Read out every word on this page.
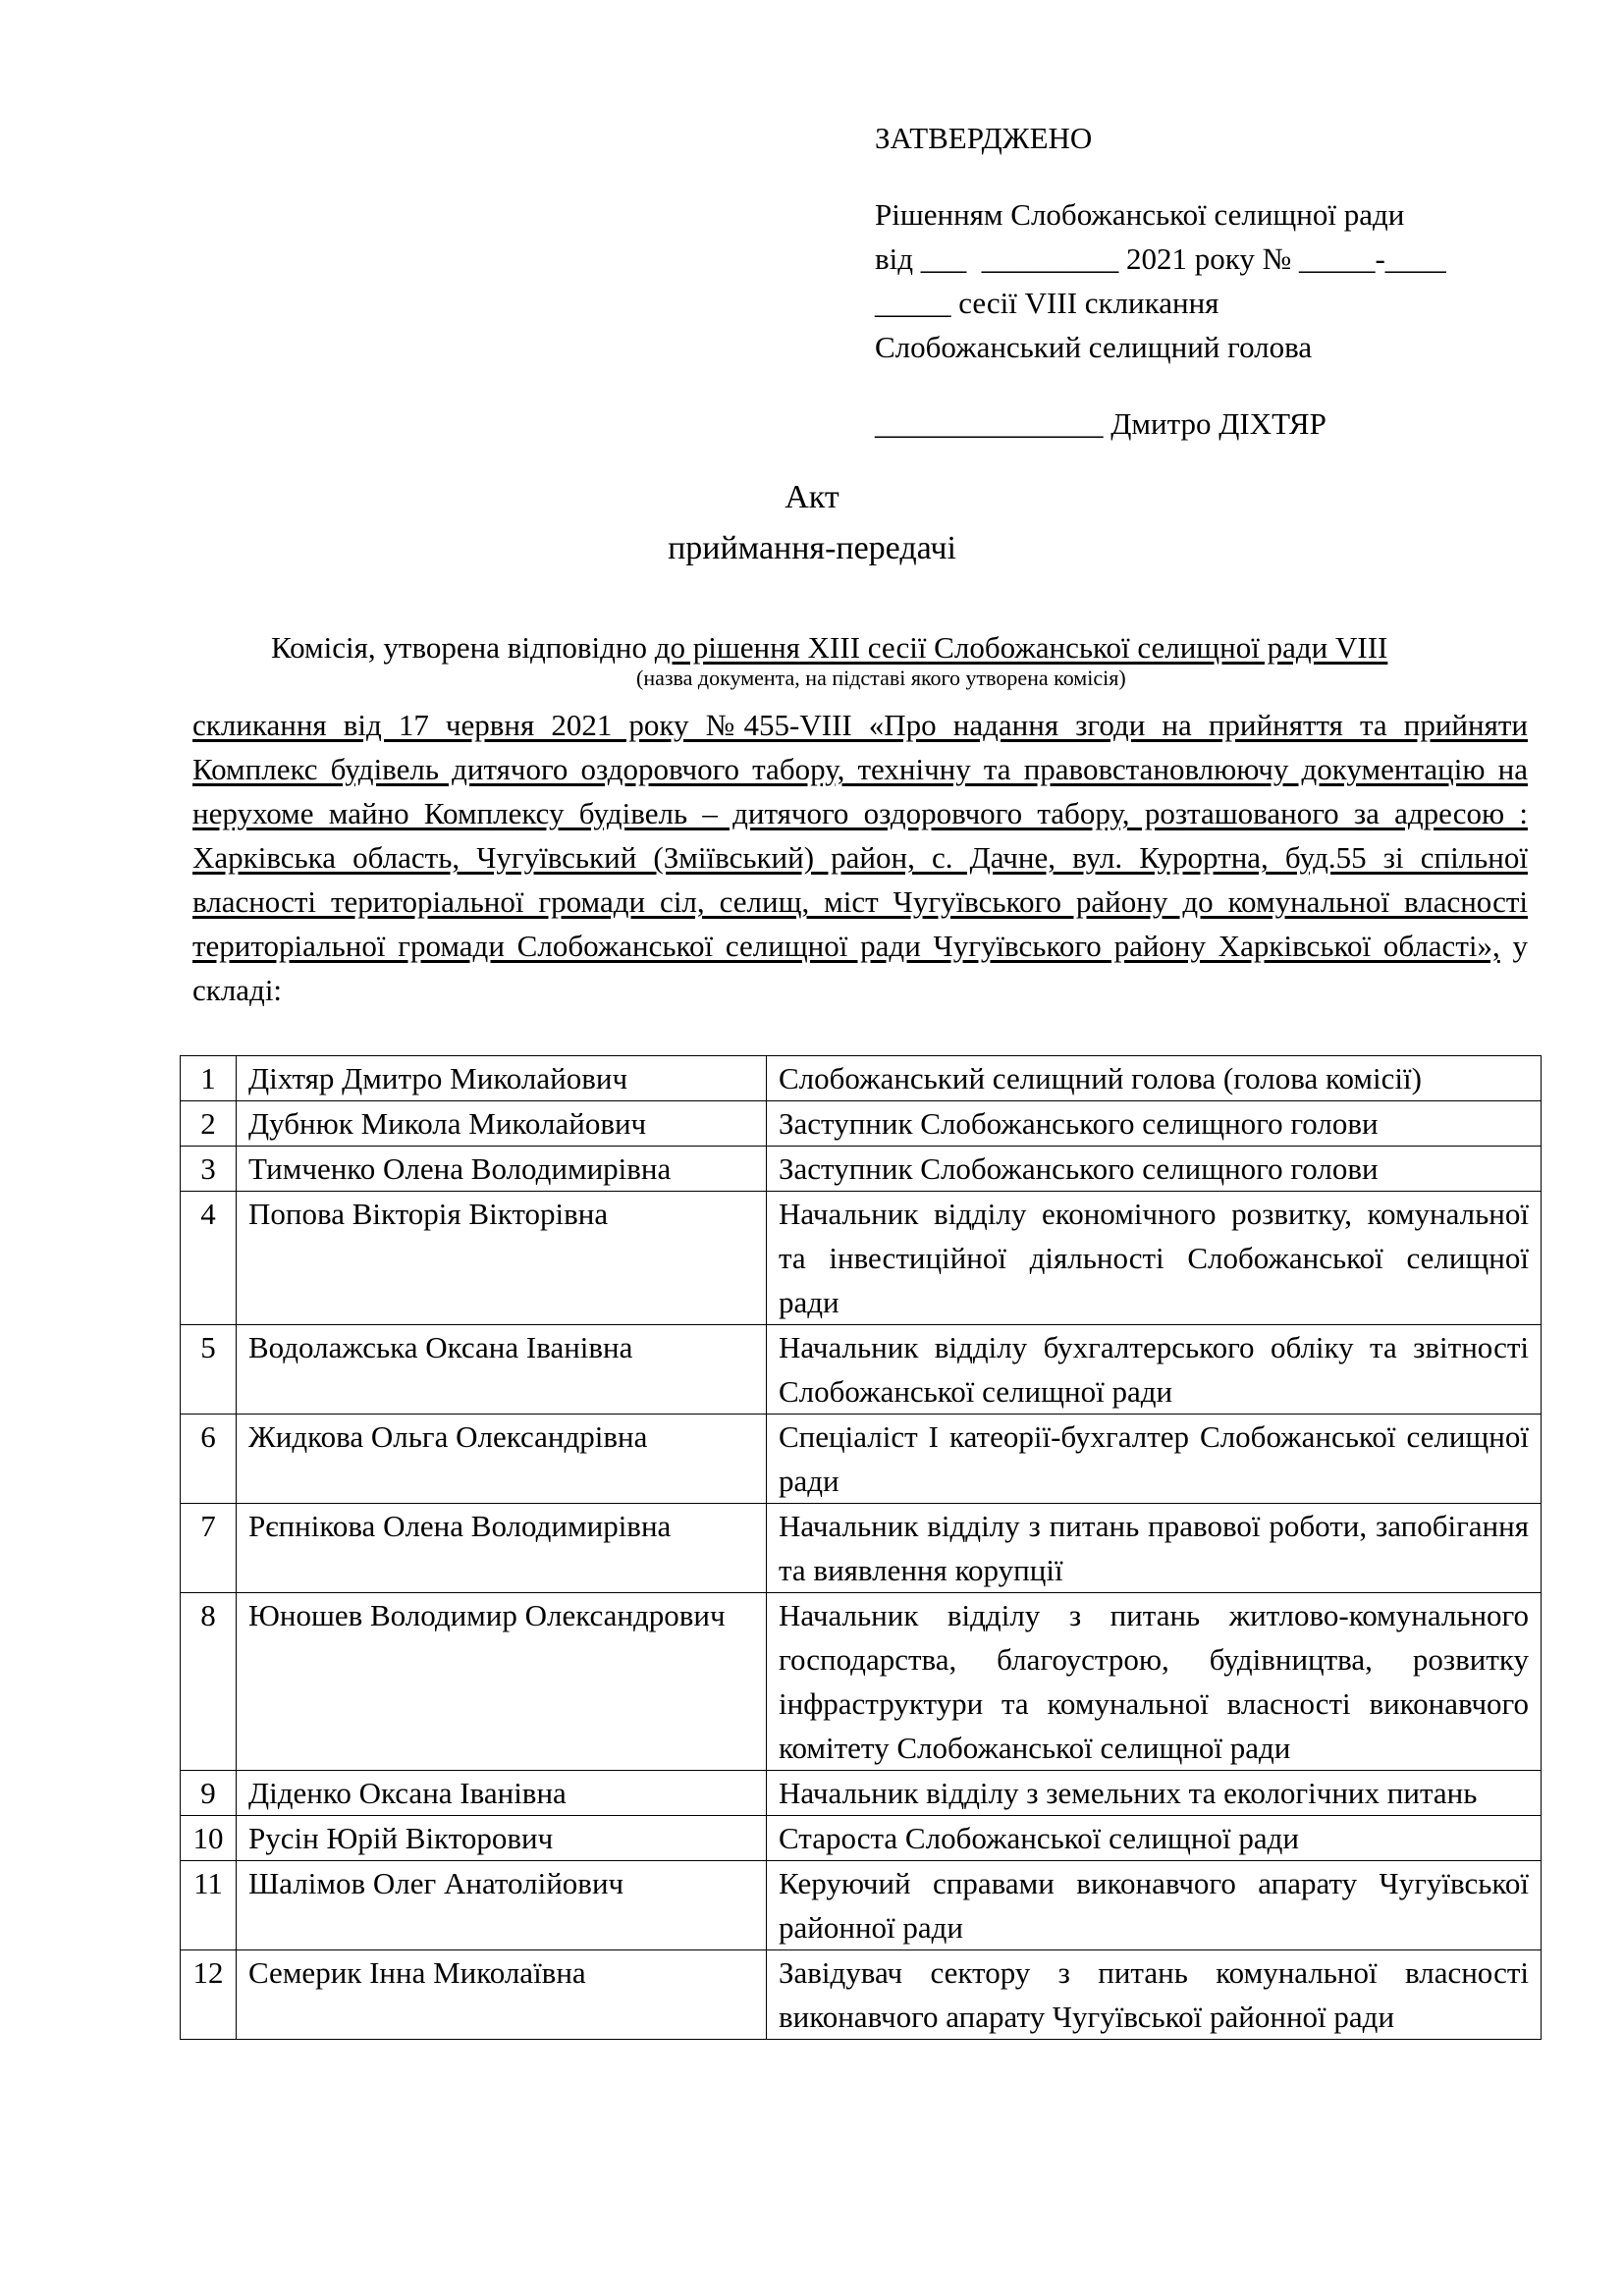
ЗАТВЕРДЖЕНО
Рішенням Слобожанської селищної ради
від ___  _________ 2021 року № _____-____
_____ сесії VIII скликання
Слобожанський селищний голова
_______________ Дмитро ДІХТЯР
Акт
приймання-передачі
Комісія, утворена відповідно до рішення XIII сесії Слобожанської селищної ради VIII
(назва документа, на підставі якого утворена комісія)
скликання від 17 червня 2021 року №455-VIII «Про надання згоди на прийняття та прийняти Комплекс будівель дитячого оздоровчого табору, технічну та правовстановлюючу документацію на нерухоме майно Комплексу будівель – дитячого оздоровчого табору, розташованого за адресою : Харківська область, Чугуївський (Зміївський) район, с. Дачне, вул. Курортна, буд.55 зі спільної власності територіальної громади сіл, селищ, міст Чугуївського району до комунальної власності територіальної громади Слобожанської селищної ради Чугуївського району Харківської області», у складі:
1	Діхтяр Дмитро Миколайович	Слобожанський селищний голова (голова комісії)
2	Дубнюк Микола Миколайович	Заступник Слобожанського селищного голови
3	Тимченко Олена Володимирівна	Заступник Слобожанського селищного голови
4	Попова Вікторія Вікторівна	Начальник відділу економічного розвитку, комунальної та інвестиційної діяльності Слобожанської селищної ради
5	Водолажська Оксана Іванівна	Начальник відділу бухгалтерського обліку та звітності Слобожанської селищної ради
6	Жидкова Ольга Олександрівна	Спеціаліст І катеорії-бухгалтер Слобожанської селищної ради
7	Рєпнікова Олена Володимирівна	Начальник відділу з питань правової роботи, запобігання та виявлення корупції
8	Юношев Володимир Олександрович	Начальник відділу з питань житлово-комунального господарства, благоустрою, будівництва, розвитку інфраструктури та комунальної власності виконавчого комітету Слобожанської селищної ради
9	Діденко Оксана Іванівна	Начальник відділу з земельних та екологічних питань
10	Русін Юрій Вікторович	Староста Слобожанської селищної ради
11	Шалімов Олег Анатолійович	Керуючий справами виконавчого апарату Чугуївської районної ради
12	Семерик Інна Миколаївна	Завідувач сектору з питань комунальної власності виконавчого апарату Чугуївської районної ради
